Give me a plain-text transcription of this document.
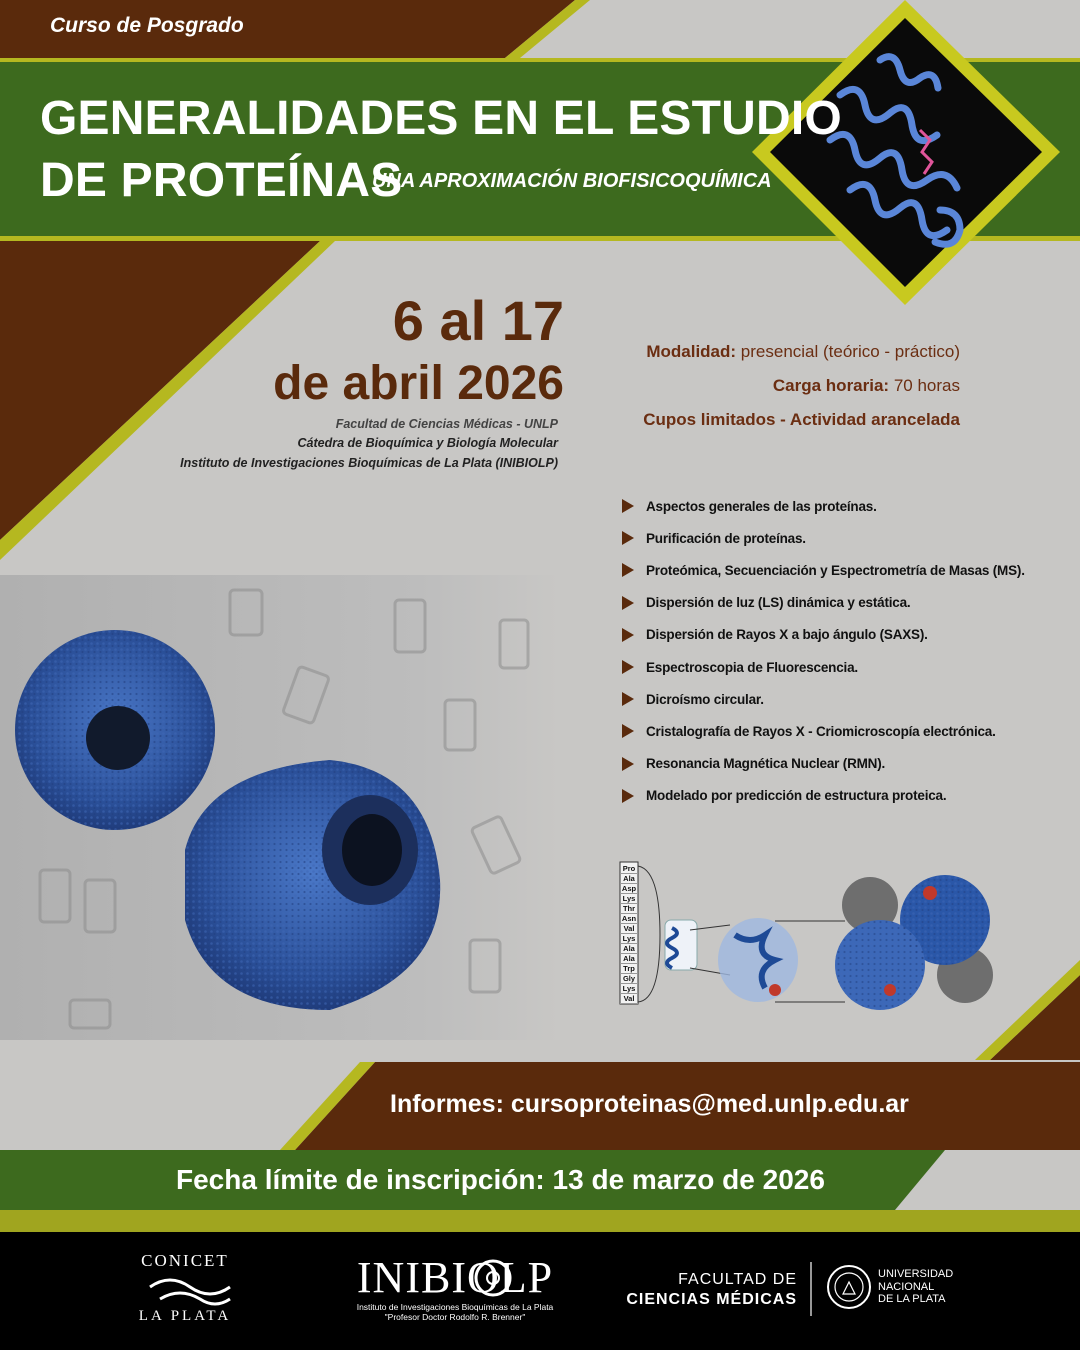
Pro
Ala
Asp
Lys
Thr
Asn
Val
Lys
Ala
Ala
Trp
Gly
Lys
Val
Curso de Posgrado
GENERALIDADES EN EL ESTUDIO
DE PROTEÍNAS
UNA APROXIMACIÓN BIOFISICOQUÍMICA
6 al 17
de abril 2026
Facultad de Ciencias Médicas - UNLP
Cátedra de Bioquímica y Biología Molecular
Instituto de Investigaciones Bioquímicas de La Plata (INIBIOLP)
Modalidad: presencial (teórico - práctico)
Carga horaria: 70 horas
Cupos limitados - Actividad arancelada
Aspectos generales de las proteínas.
Purificación de proteínas.
Proteómica, Secuenciación y Espectrometría de Masas (MS).
Dispersión de luz (LS) dinámica y estática.
Dispersión de Rayos X a bajo ángulo (SAXS).
Espectroscopia de Fluorescencia.
Dicroísmo circular.
Cristalografía de Rayos X - Criomicroscopía electrónica.
Resonancia Magnética Nuclear (RMN).
Modelado por predicción de estructura proteica.
Informes: cursoproteinas@med.unlp.edu.ar
Fecha límite de inscripción: 13 de marzo de 2026
CONICET
LA PLATA
INIBIOLP
Instituto de Investigaciones Bioquímicas de La Plata
"Profesor Doctor Rodolfo R. Brenner"
FACULTAD DE
CIENCIAS MÉDICAS
UNIVERSIDAD
NACIONAL
DE LA PLATA
